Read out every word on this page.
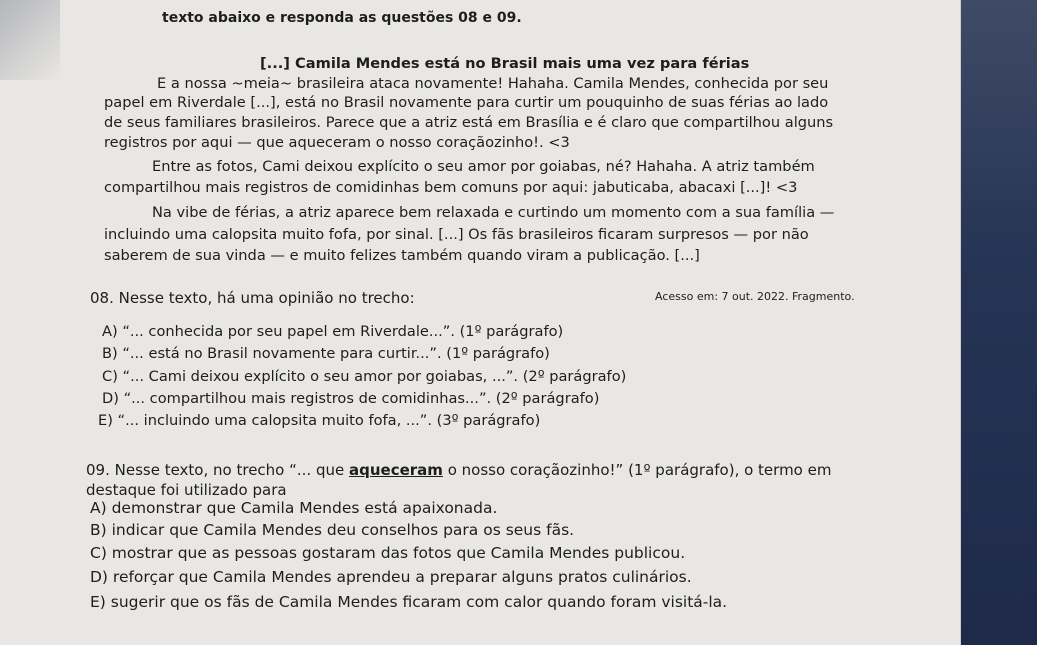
texto abaixo e responda as questões 08 e 09.
[...] Camila Mendes está no Brasil mais uma vez para férias
E a nossa ~meia~ brasileira ataca novamente! Hahaha. Camila Mendes, conhecida por seu
papel em Riverdale [...], está no Brasil novamente para curtir um pouquinho de suas férias ao lado
de seus familiares brasileiros. Parece que a atriz está em Brasília e é claro que compartilhou alguns
registros por aqui — que aqueceram o nosso coraçãozinho!. <3
Entre as fotos, Cami deixou explícito o seu amor por goiabas, né? Hahaha. A atriz também
compartilhou mais registros de comidinhas bem comuns por aqui: jabuticaba, abacaxi [...]! <3
Na vibe de férias, a atriz aparece bem relaxada e curtindo um momento com a sua família —
incluindo uma calopsita muito fofa, por sinal. [...] Os fãs brasileiros ficaram surpresos — por não
saberem de sua vinda — e muito felizes também quando viram a publicação. [...]
Acesso em: 7 out. 2022. Fragmento.
08. Nesse texto, há uma opinião no trecho:
A) “... conhecida por seu papel em Riverdale...”. (1º parágrafo)
B) “... está no Brasil novamente para curtir...”. (1º parágrafo)
C) “... Cami deixou explícito o seu amor por goiabas, ...”. (2º parágrafo)
D) “... compartilhou mais registros de comidinhas...”. (2º parágrafo)
E) “... incluindo uma calopsita muito fofa, ...”. (3º parágrafo)
09. Nesse texto, no trecho “... que aqueceram o nosso coraçãozinho!” (1º parágrafo), o termo em
destaque foi utilizado para
A) demonstrar que Camila Mendes está apaixonada.
B) indicar que Camila Mendes deu conselhos para os seus fãs.
C) mostrar que as pessoas gostaram das fotos que Camila Mendes publicou.
D) reforçar que Camila Mendes aprendeu a preparar alguns pratos culinários.
E) sugerir que os fãs de Camila Mendes ficaram com calor quando foram visitá-la.
